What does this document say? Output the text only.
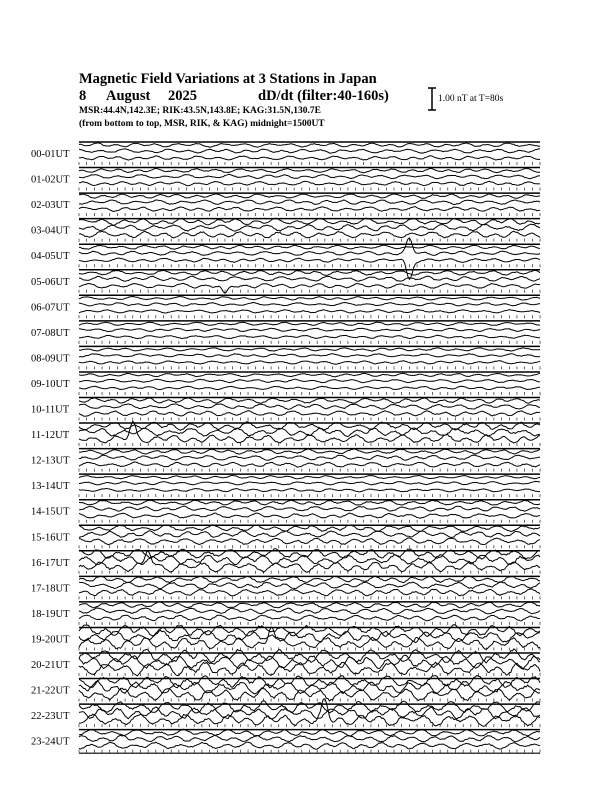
Magnetic Field Variations at 3 Stations in Japan
8 August 2025	dD/dt (filter:40-160s)
MSR:44.4N,142.3E; RIK:43.5N,143.8E; KAG:31.5N,130.7E
(from bottom to top, MSR, RIK, & KAG) midnight=1500UT
1.00 nT at T=80s
00-01UT
01-02UT
02-03UT
03-04UT
04-05UT
05-06UT
06-07UT
07-08UT
08-09UT
09-10UT
10-11UT
11-12UT
12-13UT
13-14UT
14-15UT
15-16UT
16-17UT
17-18UT
18-19UT
19-20UT
20-21UT
21-22UT
22-23UT
23-24UT
